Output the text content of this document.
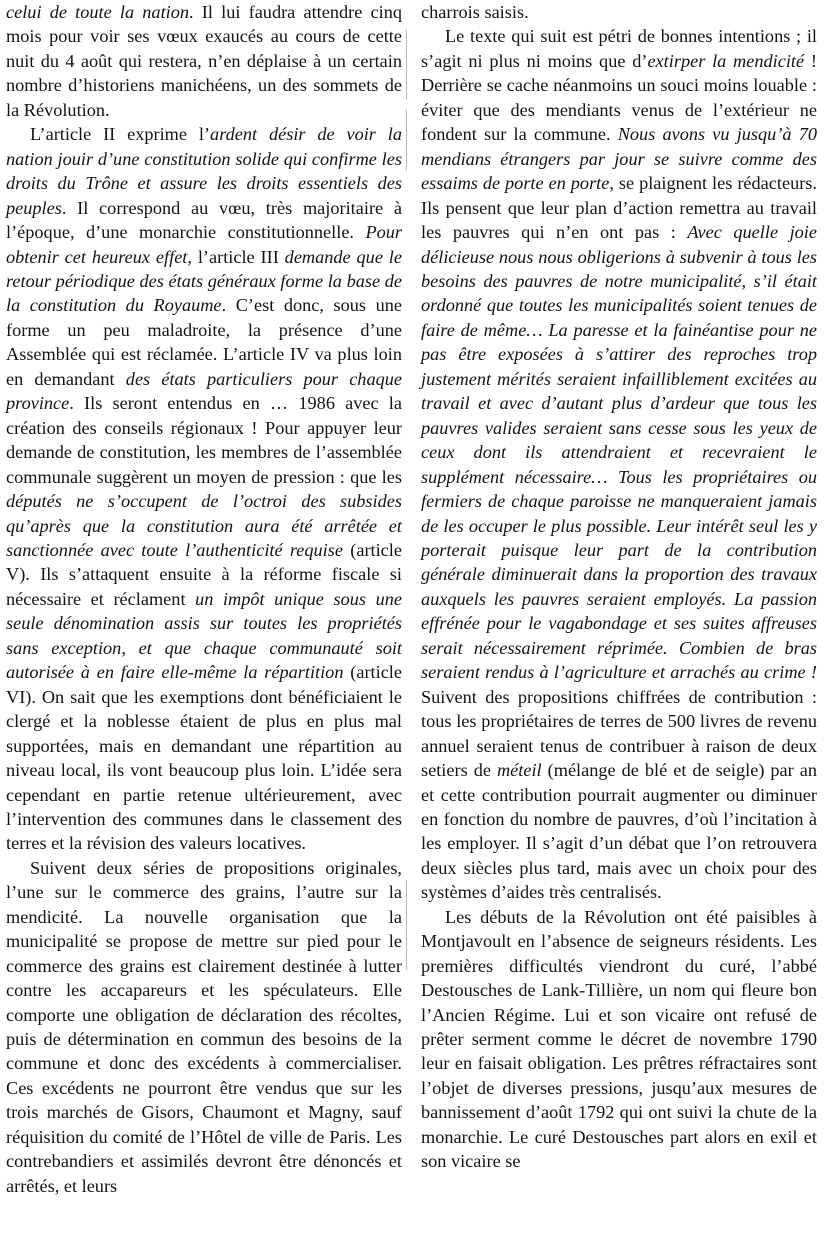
celui de toute la nation. Il lui faudra attendre cinq mois pour voir ses vœux exaucés au cours de cette nuit du 4 août qui restera, n’en déplaise à un certain nombre d’historiens manichéens, un des sommets de la Révolution.

L’article II exprime l’ardent désir de voir la nation jouir d’une constitution solide qui confirme les droits du Trône et assure les droits essentiels des peuples. Il correspond au vœu, très majoritaire à l’époque, d’une monarchie constitutionnelle. Pour obtenir cet heureux effet, l’article III demande que le retour périodique des états généraux forme la base de la constitution du Royaume. C’est donc, sous une forme un peu maladroite, la présence d’une Assemblée qui est réclamée. L’article IV va plus loin en demandant des états particuliers pour chaque province. Ils seront entendus en … 1986 avec la création des conseils régionaux ! Pour appuyer leur demande de constitution, les membres de l’assemblée communale suggèrent un moyen de pression : que les députés ne s’occupent de l’octroi des subsides qu’après que la constitution aura été arrêtée et sanctionnée avec toute l’authenticité requise (article V). Ils s’attaquent ensuite à la réforme fiscale si nécessaire et réclament un impôt unique sous une seule dénomination assis sur toutes les propriétés sans exception, et que chaque communauté soit autorisée à en faire elle-même la répartition (article VI). On sait que les exemptions dont bénéficiaient le clergé et la noblesse étaient de plus en plus mal supportées, mais en demandant une répartition au niveau local, ils vont beaucoup plus loin. L’idée sera cependant en partie retenue ultérieurement, avec l’intervention des communes dans le classement des terres et la révision des valeurs locatives.

Suivent deux séries de propositions originales, l’une sur le commerce des grains, l’autre sur la mendicité. La nouvelle organisation que la municipalité se propose de mettre sur pied pour le commerce des grains est clairement destinée à lutter contre les accapareurs et les spéculateurs. Elle comporte une obligation de déclaration des récoltes, puis de détermination en commun des besoins de la commune et donc des excédents à commercialiser. Ces excédents ne pourront être vendus que sur les trois marchés de Gisors, Chaumont et Magny, sauf réquisition du comité de l’Hôtel de ville de Paris. Les contrebandiers et assimilés devront être dénoncés et arrêtés, et leurs

charrois saisis.

Le texte qui suit est pétri de bonnes intentions ; il s’agit ni plus ni moins que d’extirper la mendicité ! Derrière se cache néanmoins un souci moins louable : éviter que des mendiants venus de l’extérieur ne fondent sur la commune. Nous avons vu jusqu’à 70 mendians étrangers par jour se suivre comme des essaims de porte en porte, se plaignent les rédacteurs. Ils pensent que leur plan d’action remettra au travail les pauvres qui n’en ont pas : Avec quelle joie délicieuse nous nous obligerions à subvenir à tous les besoins des pauvres de notre municipalité, s’il était ordonné que toutes les municipalités soient tenues de faire de même… La paresse et la fainéantise pour ne pas être exposées à s’attirer des reproches trop justement mérités seraient infailliblement excitées au travail et avec d’autant plus d’ardeur que tous les pauvres valides seraient sans cesse sous les yeux de ceux dont ils attendraient et recevraient le supplément nécessaire… Tous les propriétaires ou fermiers de chaque paroisse ne manqueraient jamais de les occuper le plus possible. Leur intérêt seul les y porterait puisque leur part de la contribution générale diminuerait dans la proportion des travaux auxquels les pauvres seraient employés. La passion effrénée pour le vagabondage et ses suites affreuses serait nécessairement réprimée. Combien de bras seraient rendus à l’agriculture et arrachés au crime ! Suivent des propositions chiffrées de contribution : tous les propriétaires de terres de 500 livres de revenu annuel seraient tenus de contribuer à raison de deux setiers de méteil (mélange de blé et de seigle) par an et cette contribution pourrait augmenter ou diminuer en fonction du nombre de pauvres, d’où l’incitation à les employer. Il s’agit d’un débat que l’on retrouvera deux siècles plus tard, mais avec un choix pour des systèmes d’aides très centralisés.

Les débuts de la Révolution ont été paisibles à Montjavoult en l’absence de seigneurs résidents. Les premières difficultés viendront du curé, l’abbé Destousches de Lank-Tillière, un nom qui fleure bon l’Ancien Régime. Lui et son vicaire ont refusé de prêter serment comme le décret de novembre 1790 leur en faisait obligation. Les prêtres réfractaires sont l’objet de diverses pressions, jusqu’aux mesures de bannissement d’août 1792 qui ont suivi la chute de la monarchie. Le curé Destousches part alors en exil et son vicaire se
